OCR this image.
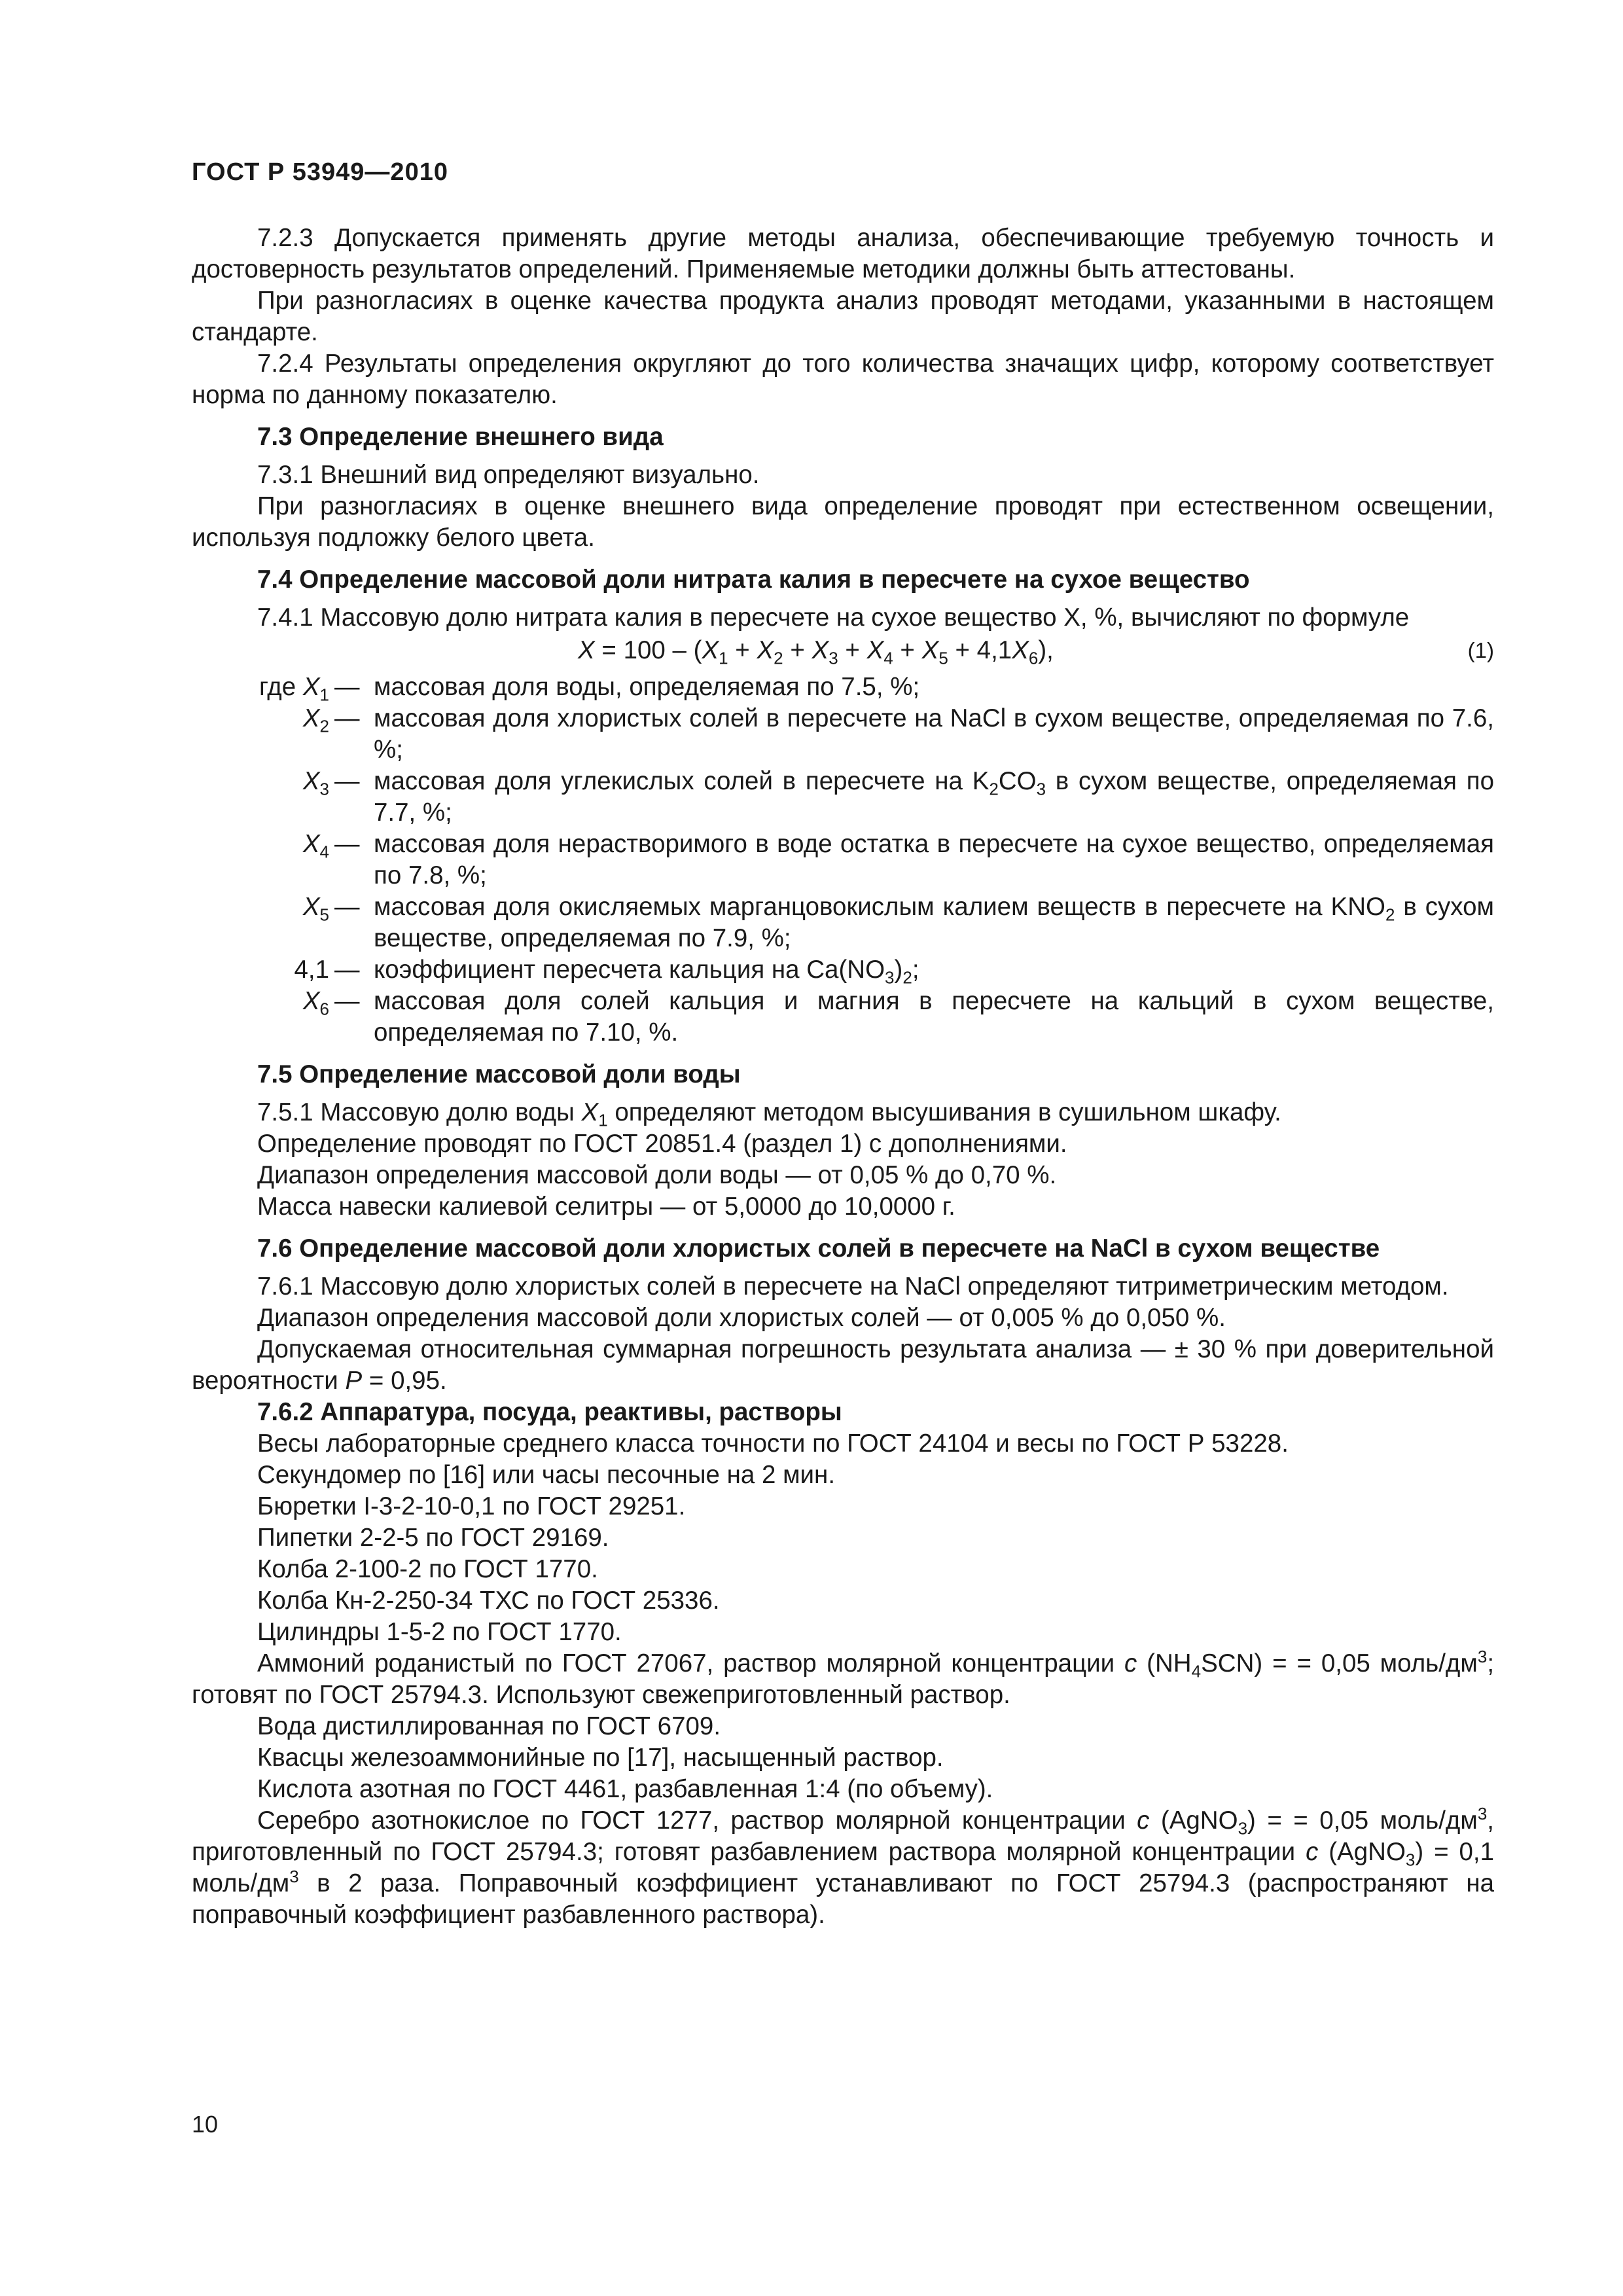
ГОСТ Р 53949—2010

7.2.3 Допускается применять другие методы анализа, обеспечивающие требуемую точность и достоверность результатов определений. Применяемые методики должны быть аттестованы.

При разногласиях в оценке качества продукта анализ проводят методами, указанными в настоящем стандарте.

7.2.4 Результаты определения округляют до того количества значащих цифр, которому соответствует норма по данному показателю.

7.3 Определение внешнего вида

7.3.1 Внешний вид определяют визуально.

При разногласиях в оценке внешнего вида определение проводят при естественном освещении, используя подложку белого цвета.

7.4 Определение массовой доли нитрата калия в пересчете на сухое вещество

7.4.1 Массовую долю нитрата калия в пересчете на сухое вещество X, %, вычисляют по формуле

$X = 100 - (X_1 + X_2 + X_3 + X_4 + X_5 + 4,1X_6)$,	(1)
где $X_1$ — массовая доля воды, определяемая по 7.5, %;
$X_2$ — массовая доля хлористых солей в пересчете на NaCl в сухом веществе, определяемая по 7.6, %;
$X_3$ — массовая доля углекислых солей в пересчете на $K_2CO_3$ в сухом веществе, определяемая по 7.7, %;
$X_4$ — массовая доля нерастворимого в воде остатка в пересчете на сухое вещество, определяемая по 7.8, %;
$X_5$ — массовая доля окисляемых марганцовокислым калием веществ в пересчете на $KNO_2$ в сухом веществе, определяемая по 7.9, %;
4,1 — коэффициент пересчета кальция на $Ca(NO_3)_2$;
$X_6$ — массовая доля солей кальция и магния в пересчете на кальций в сухом веществе, определяемая по 7.10, %.
7.5 Определение массовой доли воды

7.5.1 Массовую долю воды $X_1$ определяют методом высушивания в сушильном шкафу.

Определение проводят по ГОСТ 20851.4 (раздел 1) с дополнениями.

Диапазон определения массовой доли воды — от 0,05 % до 0,70 %.

Масса навески калиевой селитры — от 5,0000 до 10,0000 г.

7.6 Определение массовой доли хлористых солей в пересчете на NaCl в сухом веществе

7.6.1 Массовую долю хлористых солей в пересчете на NaCl определяют титриметрическим методом.

Диапазон определения массовой доли хлористых солей — от 0,005 % до 0,050 %.

Допускаемая относительная суммарная погрешность результата анализа — ± 30 % при доверительной вероятности P = 0,95.

7.6.2 Аппаратура, посуда, реактивы, растворы

Весы лабораторные среднего класса точности по ГОСТ 24104 и весы по ГОСТ Р 53228.

Секундомер по [16] или часы песочные на 2 мин.

Бюретки I-3-2-10-0,1 по ГОСТ 29251.

Пипетки 2-2-5 по ГОСТ 29169.

Колба 2-100-2 по ГОСТ 1770.

Колба Кн-2-250-34 ТХС по ГОСТ 25336.

Цилиндры 1-5-2 по ГОСТ 1770.

Аммоний роданистый по ГОСТ 27067, раствор молярной концентрации c $(NH_4SCN)$ = = 0,05 моль/$дм^3$; готовят по ГОСТ 25794.3. Используют свежеприготовленный раствор.

Вода дистиллированная по ГОСТ 6709.

Квасцы железоаммонийные по [17], насыщенный раствор.

Кислота азотная по ГОСТ 4461, разбавленная 1:4 (по объему).

Серебро азотнокислое по ГОСТ 1277, раствор молярной концентрации c (AgNO$_3$) = = 0,05 моль/$дм^3$, приготовленный по ГОСТ 25794.3; готовят разбавлением раствора молярной концентрации c (AgNO$_3$) = 0,1 моль/$дм^3$ в 2 раза. Поправочный коэффициент устанавливают по ГОСТ 25794.3 (распространяют на поправочный коэффициент разбавленного раствора).

10
